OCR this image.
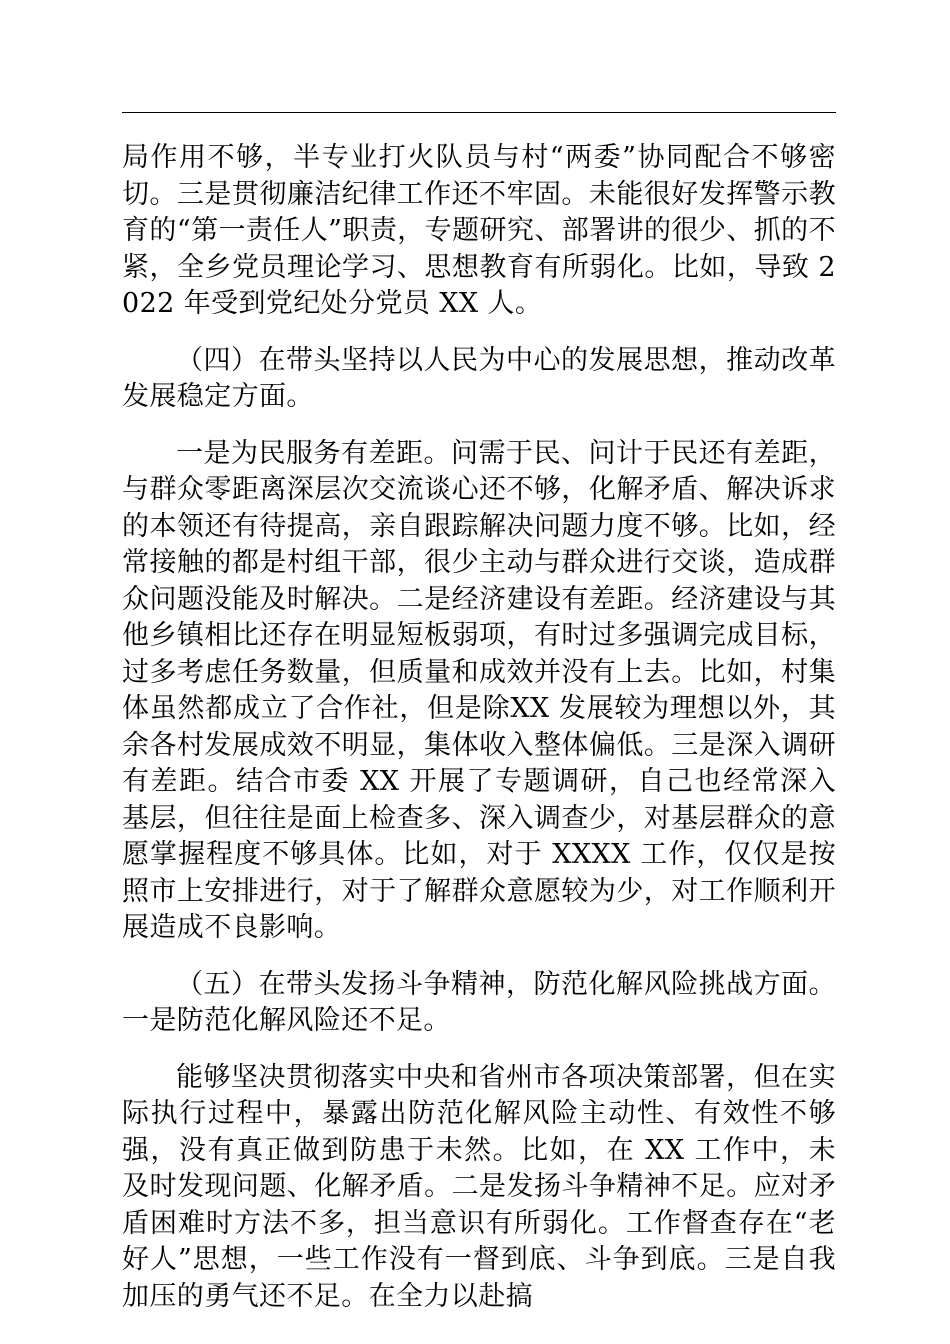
局作用不够，半专业打火队员与村“两委”协同配合不够密切。三是贯彻廉洁纪律工作还不牢固。未能很好发挥警示教育的“第一责任人”职责，专题研究、部署讲的很少、抓的不紧，全乡党员理论学习、思想教育有所弱化。比如，导致 2022 年受到党纪处分党员 XX 人。

（四）在带头坚持以人民为中心的发展思想，推动改革发展稳定方面。

一是为民服务有差距。问需于民、问计于民还有差距，与群众零距离深层次交流谈心还不够，化解矛盾、解决诉求的本领还有待提高，亲自跟踪解决问题力度不够。比如，经常接触的都是村组干部，很少主动与群众进行交谈，造成群众问题没能及时解决。二是经济建设有差距。经济建设与其他乡镇相比还存在明显短板弱项，有时过多强调完成目标，过多考虑任务数量，但质量和成效并没有上去。比如，村集体虽然都成立了合作社，但是除XX 发展较为理想以外，其余各村发展成效不明显，集体收入整体偏低。三是深入调研有差距。结合市委 XX 开展了专题调研，自己也经常深入基层，但往往是面上检查多、深入调查少，对基层群众的意愿掌握程度不够具体。比如，对于 XXXX 工作，仅仅是按照市上安排进行，对于了解群众意愿较为少，对工作顺利开展造成不良影响。

（五）在带头发扬斗争精神，防范化解风险挑战方面。一是防范化解风险还不足。

能够坚决贯彻落实中央和省州市各项决策部署，但在实际执行过程中，暴露出防范化解风险主动性、有效性不够强，没有真正做到防患于未然。比如，在 XX 工作中，未及时发现问题、化解矛盾。二是发扬斗争精神不足。应对矛盾困难时方法不多，担当意识有所弱化。工作督查存在“老好人”思想，一些工作没有一督到底、斗争到底。三是自我加压的勇气还不足。在全力以赴搞
